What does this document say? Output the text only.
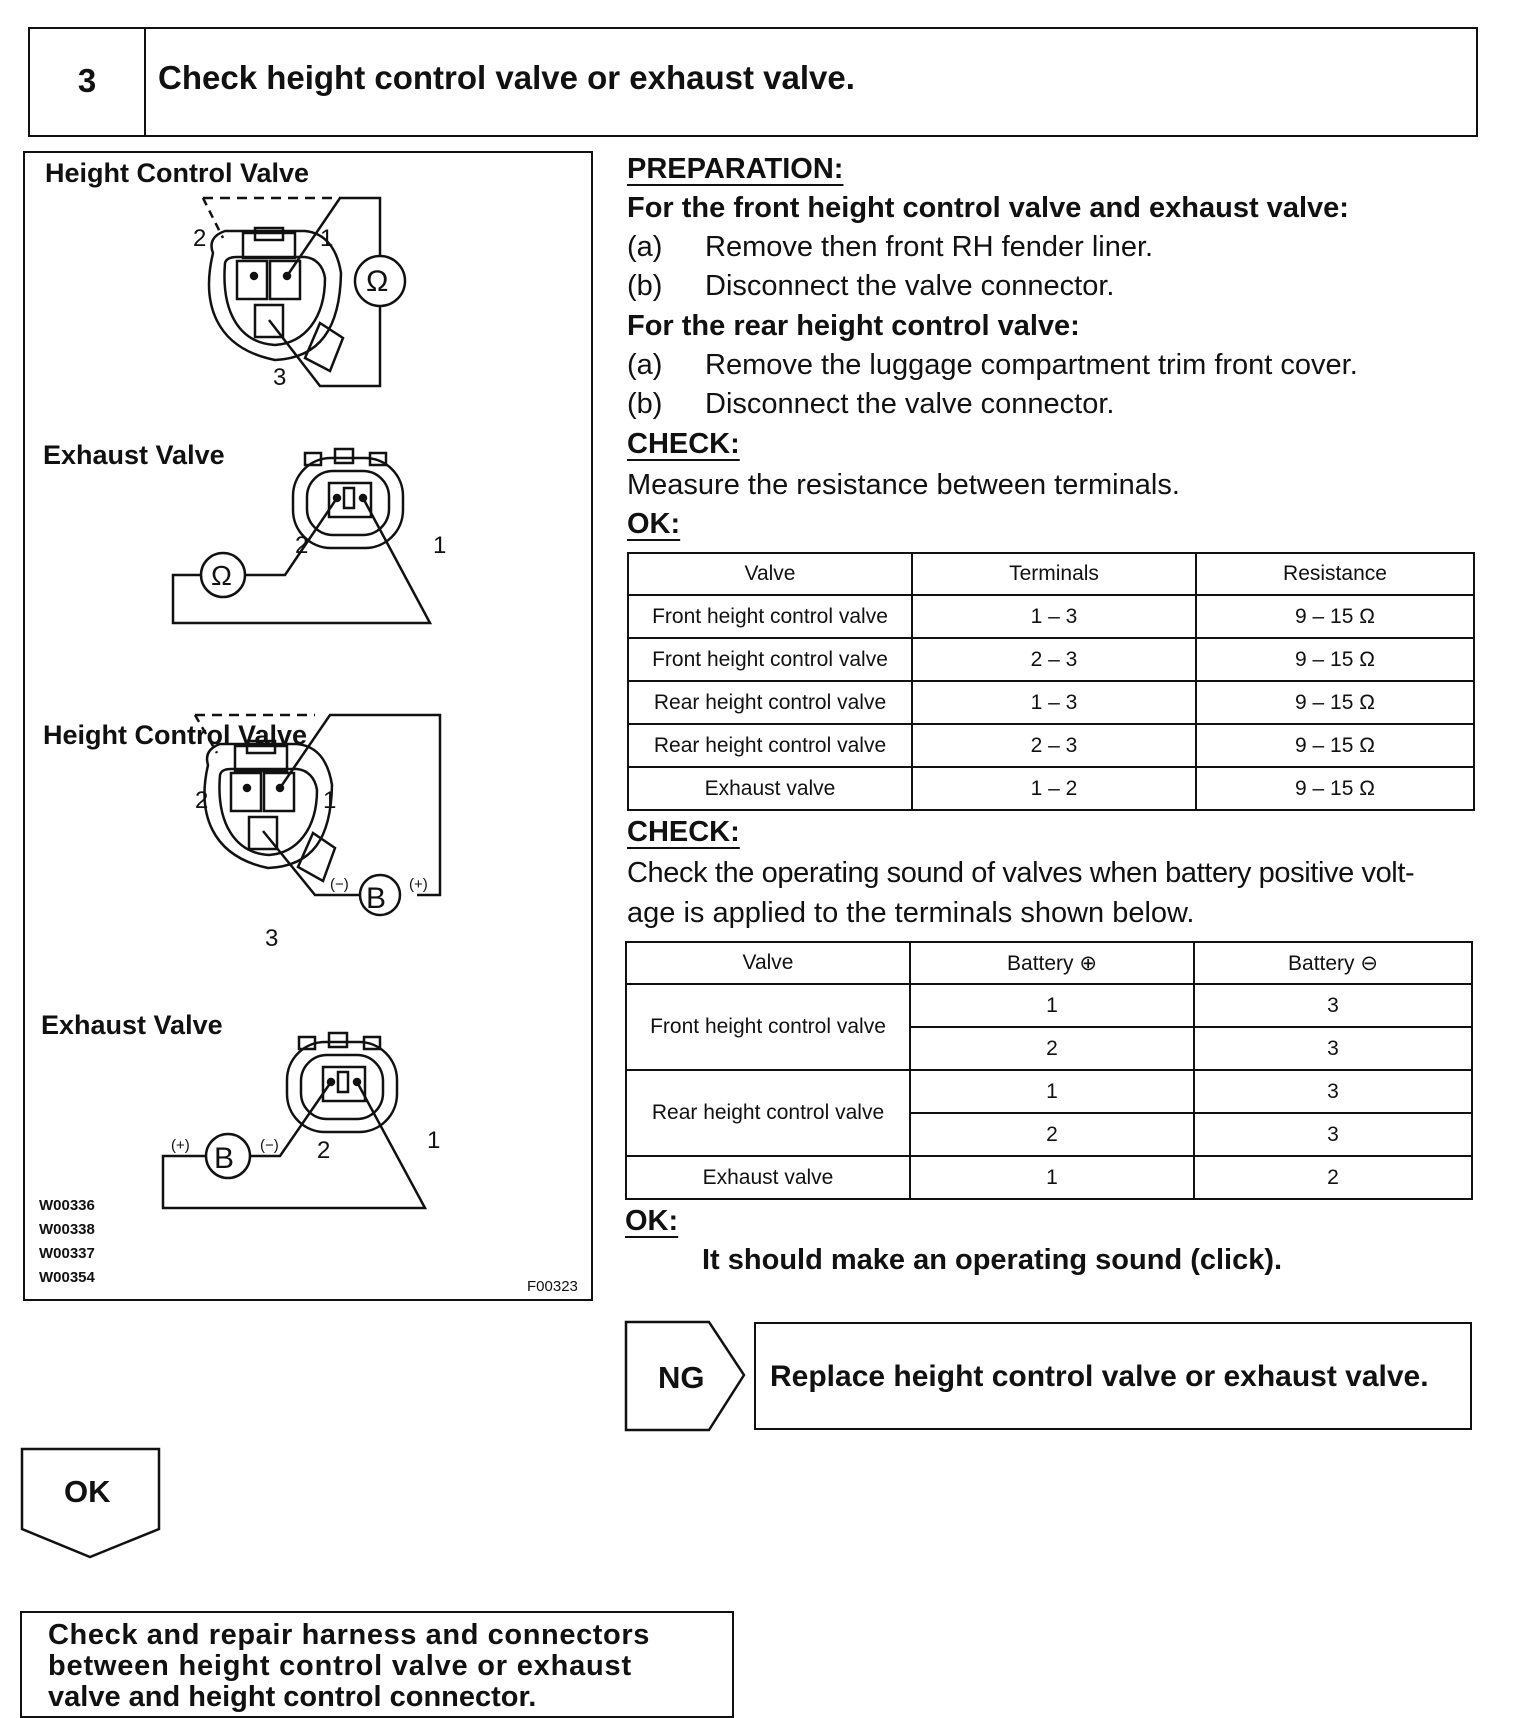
3	Check height control valve or exhaust valve.
Height Control Valve
Exhaust Valve
Height Control Valve
Exhaust Valve
W00336
W00338
W00337
W00354
F00323
2	1
3
Ω
2	1
Ω
2	1
3
(−) B (+)
2	1
(+) B (−)
PREPARATION:
For the front height control valve and exhaust valve:
(a) Remove then front RH fender liner.
(b) Disconnect the valve connector.
For the rear height control valve:
(a) Remove the luggage compartment trim front cover.
(b) Disconnect the valve connector.
CHECK:
Measure the resistance between terminals.
OK:
Valve	Terminals	Resistance
Front height control valve	1 – 3	9 – 15 Ω
Front height control valve	2 – 3	9 – 15 Ω
Rear height control valve	1 – 3	9 – 15 Ω
Rear height control valve	2 – 3	9 – 15 Ω
Exhaust valve	1 – 2	9 – 15 Ω
CHECK:
Check the operating sound of valves when battery positive volt-
age is applied to the terminals shown below.
Valve	Battery ⊕	Battery ⊖
Front height control valve	1	3
	2	3
Rear height control valve	1	3
	2	3
Exhaust valve	1	2
OK:
It should make an operating sound (click).
NG Replace height control valve or exhaust valve.
OK
Check and repair harness and connectors
between height control valve or exhaust
valve and height control connector.
